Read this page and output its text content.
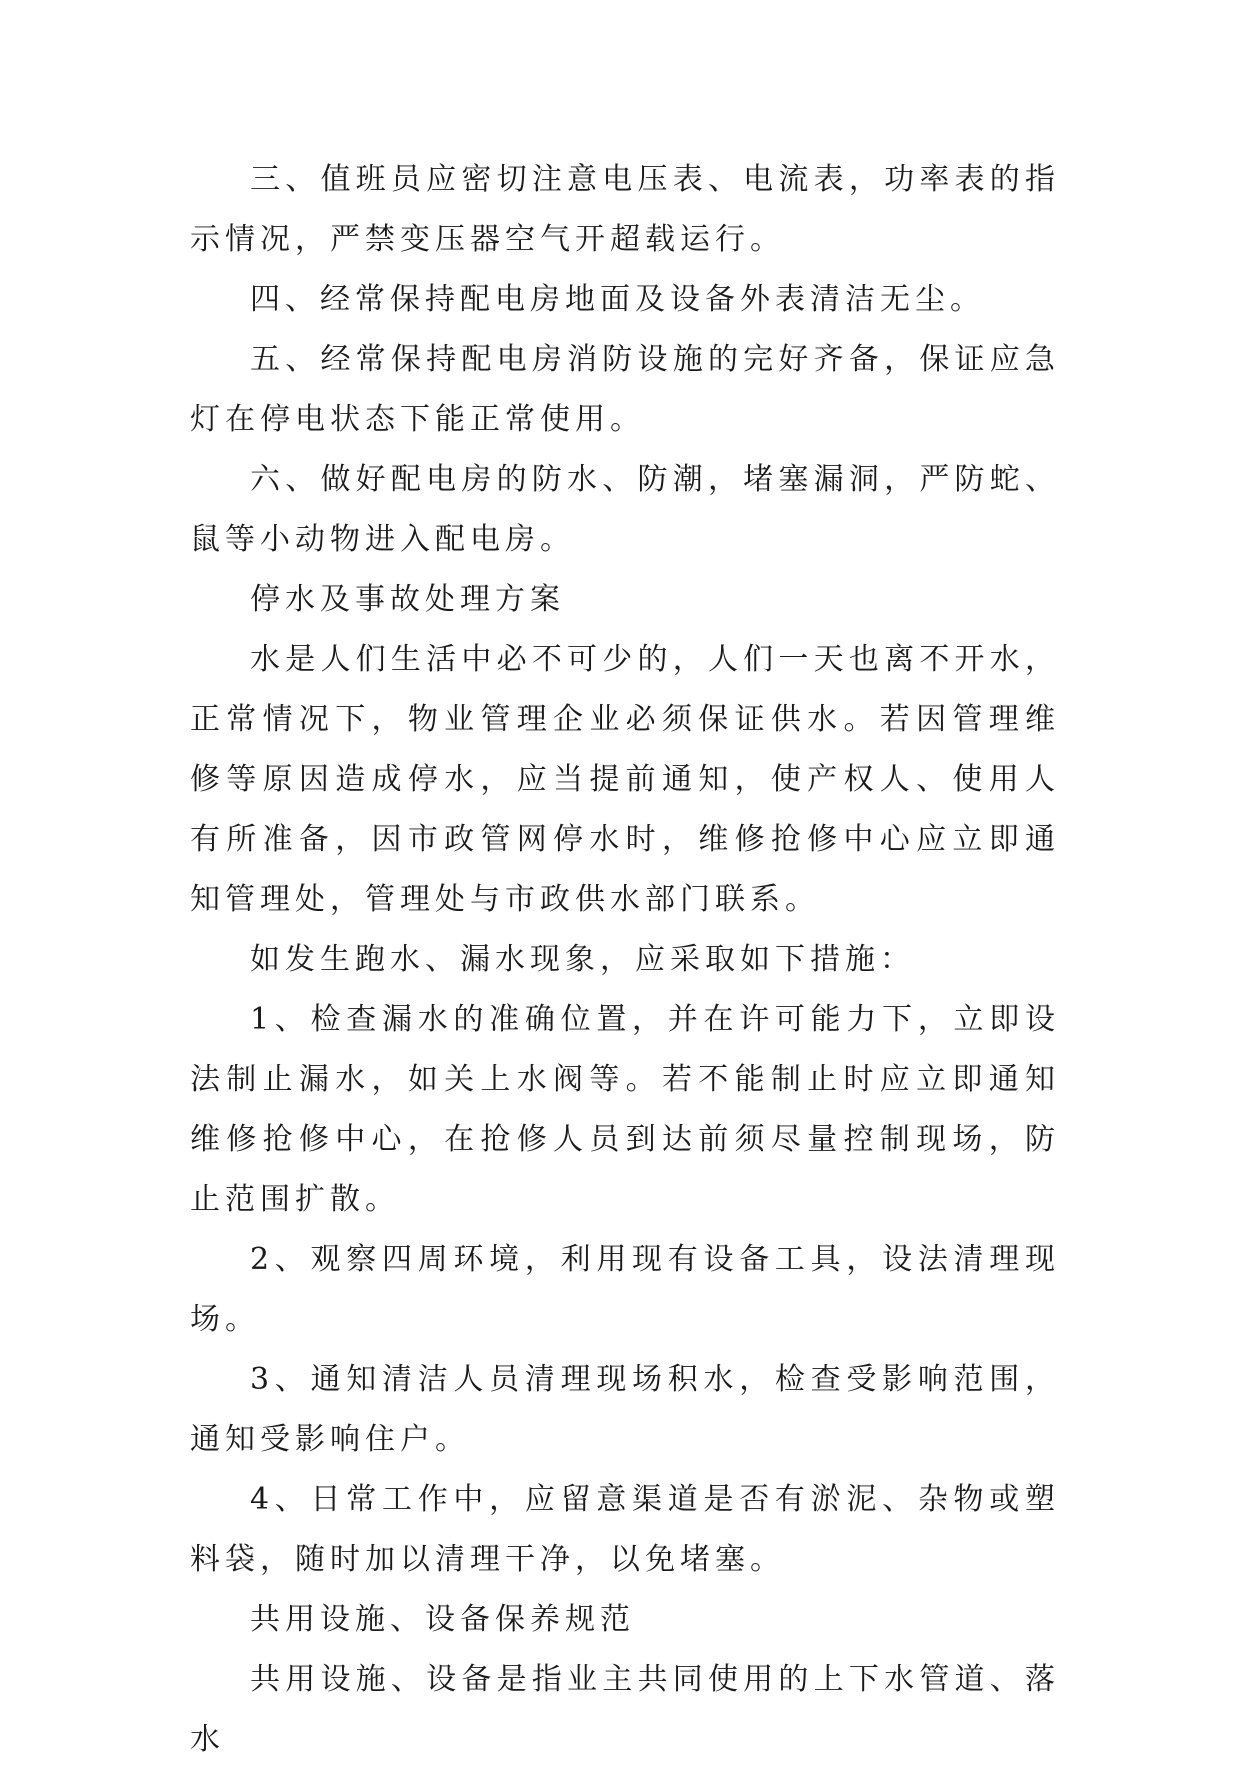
三、值班员应密切注意电压表、电流表，功率表的指示情况，严禁变压器空气开超载运行。

四、经常保持配电房地面及设备外表清洁无尘。

五、经常保持配电房消防设施的完好齐备，保证应急灯在停电状态下能正常使用。

六、做好配电房的防水、防潮，堵塞漏洞，严防蛇、鼠等小动物进入配电房。

停水及事故处理方案

水是人们生活中必不可少的，人们一天也离不开水，正常情况下，物业管理企业必须保证供水。若因管理维修等原因造成停水，应当提前通知，使产权人、使用人有所准备，因市政管网停水时，维修抢修中心应立即通知管理处，管理处与市政供水部门联系。

如发生跑水、漏水现象，应采取如下措施：

1、检查漏水的准确位置，并在许可能力下，立即设法制止漏水，如关上水阀等。若不能制止时应立即通知维修抢修中心，在抢修人员到达前须尽量控制现场，防止范围扩散。

2、观察四周环境，利用现有设备工具，设法清理现场。

3、通知清洁人员清理现场积水，检查受影响范围，通知受影响住户。

4、日常工作中，应留意渠道是否有淤泥、杂物或塑料袋，随时加以清理干净，以免堵塞。

共用设施、设备保养规范

共用设施、设备是指业主共同使用的上下水管道、落水
